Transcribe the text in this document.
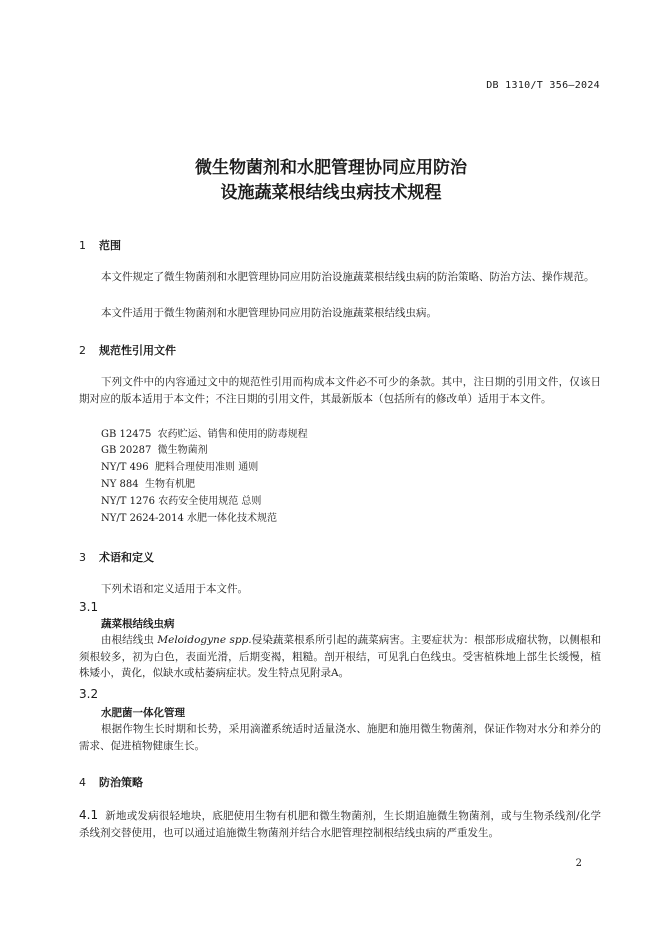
DB 1310/T 356—2024
微生物菌剂和水肥管理协同应用防治
设施蔬菜根结线虫病技术规程
1 范围
本文件规定了微生物菌剂和水肥管理协同应用防治设施蔬菜根结线虫病的防治策略、防治方法、操作规范。
本文件适用于微生物菌剂和水肥管理协同应用防治设施蔬菜根结线虫病。
2 规范性引用文件
下列文件中的内容通过文中的规范性引用而构成本文件必不可少的条款。其中，注日期的引用文件，仅该日期对应的版本适用于本文件；不注日期的引用文件，其最新版本（包括所有的修改单）适用于本文件。
GB 12475  农药贮运、销售和使用的防毒规程
GB 20287  微生物菌剂
NY/T 496  肥料合理使用准则 通则
NY 884  生物有机肥
NY/T 1276 农药安全使用规范 总则
NY/T 2624-2014 水肥一体化技术规范
3 术语和定义
下列术语和定义适用于本文件。
3.1
蔬菜根结线虫病
由根结线虫 Meloidogyne spp.侵染蔬菜根系所引起的蔬菜病害。主要症状为：根部形成瘤状物，以侧根和须根较多，初为白色，表面光滑，后期变褐，粗糙。剖开根结，可见乳白色线虫。受害植株地上部生长缓慢，植株矮小，黄化，似缺水或枯萎病症状。发生特点见附录A。
3.2
水肥菌一体化管理
根据作物生长时期和长势，采用滴灌系统适时适量浇水、施肥和施用微生物菌剂，保证作物对水分和养分的需求、促进植物健康生长。
4 防治策略
4.1 新地或发病很轻地块，底肥使用生物有机肥和微生物菌剂，生长期追施微生物菌剂，或与生物杀线剂/化学杀线剂交替使用，也可以通过追施微生物菌剂并结合水肥管理控制根结线虫病的严重发生。
2
